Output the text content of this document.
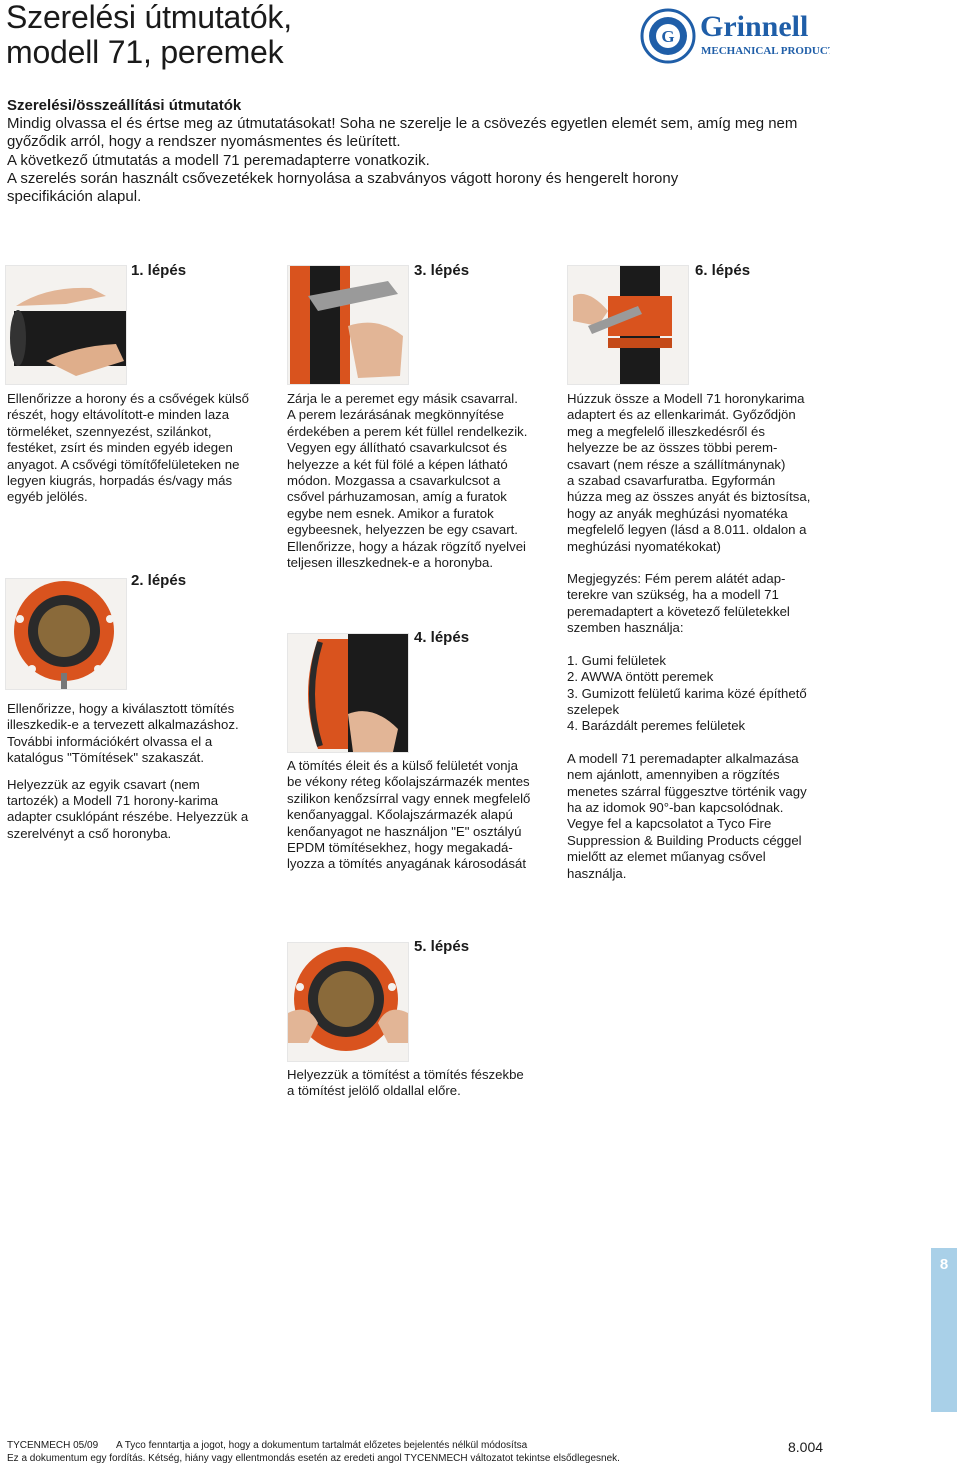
Szerelési útmutatók,
modell 71, peremek	G Grinnell
MECHANICAL PRODUCTS
Szerelési/összeállítási útmutatók
Mindig olvassa el és értse meg az útmutatásokat! Soha ne szerelje le a csövezés egyetlen elemét sem, amíg meg nem
győződik arról, hogy a rendszer nyomásmentes és leürített.
A következő útmutatás a modell 71 peremadapterre vonatkozik.
A szerelés során használt csővezetékek hornyolása a szabványos vágott horony és hengerelt horony
specifikáción alapul.
1. lépés
Ellenőrizze a horony és a csővégek külső
részét, hogy eltávolított-e minden laza
törmeléket, szennyezést, szilánkot,
festéket, zsírt és minden egyéb idegen
anyagot. A csővégi tömítőfelületeken ne
legyen kiugrás, horpadás és/vagy más
egyéb jelölés.
2. lépés
Ellenőrizze, hogy a kiválasztott tömítés
illeszkedik-e a tervezett alkalmazáshoz.
További információkért olvassa el a
katalógus "Tömítések" szakaszát.
Helyezzük az egyik csavart (nem
tartozék) a Modell 71 horony-karima
adapter csuklópánt részébe. Helyezzük a
szerelvényt a cső horonyba.
3. lépés
Zárja le a peremet egy másik csavarral.
A perem lezárásának megkönnyítése
érdekében a perem két füllel rendelkezik.
Vegyen egy állítható csavarkulcsot és
helyezze a két fül fölé a képen látható
módon. Mozgassa a csavarkulcsot a
csővel párhuzamosan, amíg a furatok
egybe nem esnek. Amikor a furatok
egybeesnek, helyezzen be egy csavart.
Ellenőrizze, hogy a házak rögzítő nyelvei
teljesen illeszkednek-e a horonyba.
4. lépés
A tömítés éleit és a külső felületét vonja
be vékony réteg kőolajszármazék mentes
szilikon kenőzsírral vagy ennek megfelelő
kenőanyaggal. Kőolajszármazék alapú
kenőanyagot ne használjon "E" osztályú
EPDM tömítésekhez, hogy megakadá-
lyozza a tömítés anyagának károsodását
5. lépés
Helyezzük a tömítést a tömítés fészekbe
a tömítést jelölő oldallal előre.
6. lépés
Húzzuk össze a Modell 71 horonykarima
adaptert és az ellenkarimát. Győződjön
meg a megfelelő illeszkedésről és
helyezze be az összes többi perem-
csavart (nem része a szállítmánynak)
a szabad csavarfuratba. Egyformán
húzza meg az összes anyát és biztosítsa,
hogy az anyák meghúzási nyomatéka
megfelelő legyen (lásd a 8.011. oldalon a
meghúzási nyomatékokat)
Megjegyzés: Fém perem alátét adap-
terekre van szükség, ha a modell 71
peremadaptert a követező felületekkel
szemben használja:
1. Gumi felületek
2. AWWA öntött peremek
3. Gumizott felületű karima közé építhető
szelepek
4. Barázdált peremes felületek
A modell 71 peremadapter alkalmazása
nem ajánlott, amennyiben a rögzítés
menetes szárral függesztve történik vagy
ha az idomok 90°-ban kapcsolódnak.
Vegye fel a kapcsolatot a Tyco Fire
Suppression & Building Products céggel
mielőtt az elemet műanyag csővel
használja.
8
TYCENMECH 05/09 A Tyco fenntartja a jogot, hogy a dokumentum tartalmát előzetes bejelentés nélkül módosítsa
Ez a dokumentum egy fordítás. Kétség, hiány vagy ellentmondás esetén az eredeti angol TYCENMECH változatot tekintse elsődlegesnek.
8.004
